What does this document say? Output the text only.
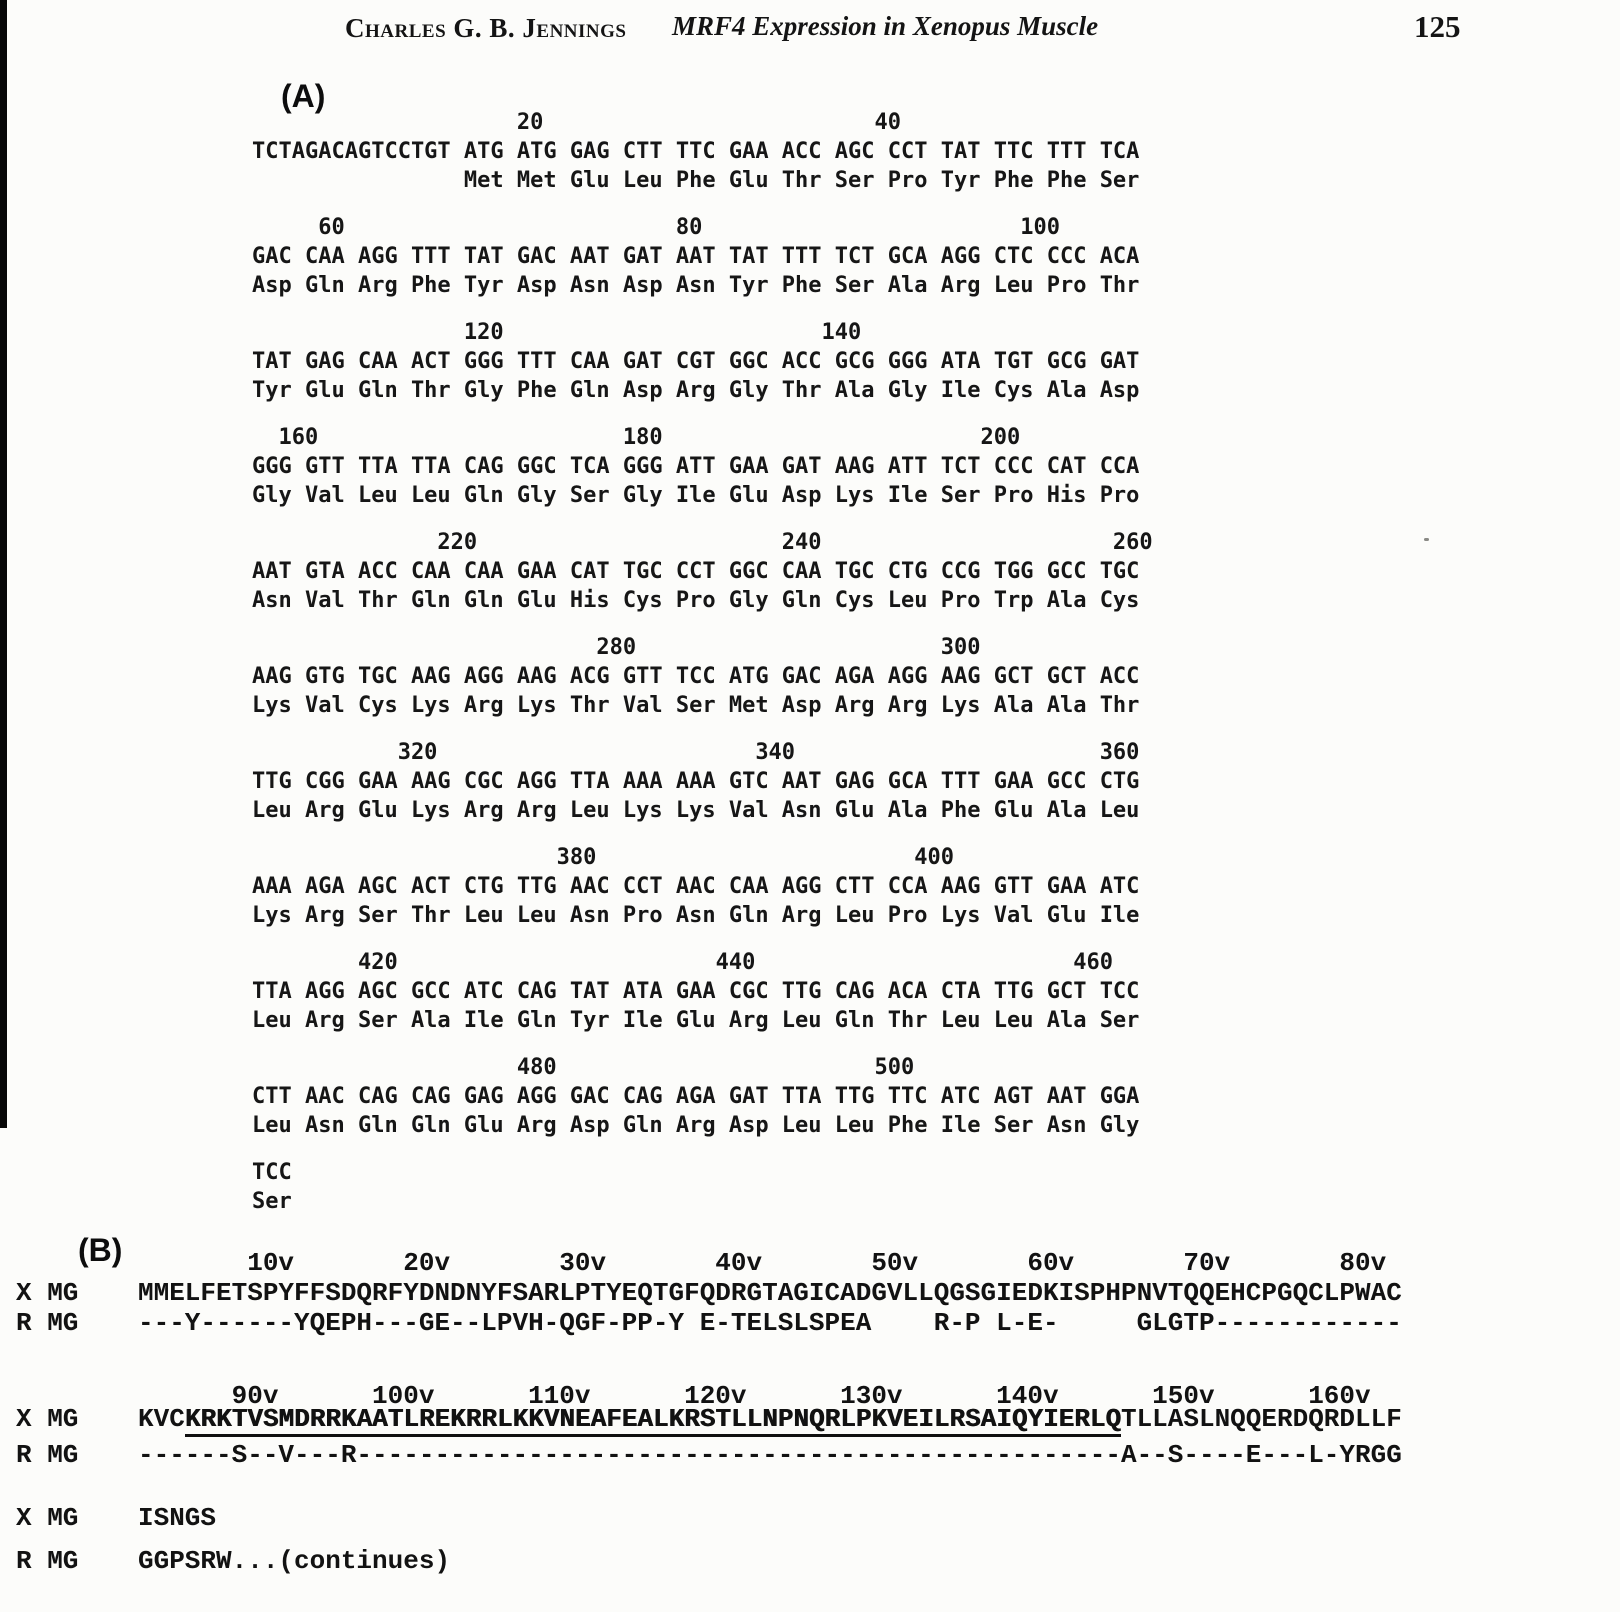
Charles G. B. Jennings MRF4 Expression in Xenopus Muscle	125
(A)
20                         40
TCTAGACAGTCCTGT ATG ATG GAG CTT TTC GAA ACC AGC CCT TAT TTC TTT TCA
Met Met Glu Leu Phe Glu Thr Ser Pro Tyr Phe Phe Ser
60                         80                        100
GAC CAA AGG TTT TAT GAC AAT GAT AAT TAT TTT TCT GCA AGG CTC CCC ACA
Asp Gln Arg Phe Tyr Asp Asn Asp Asn Tyr Phe Ser Ala Arg Leu Pro Thr
120                        140
TAT GAG CAA ACT GGG TTT CAA GAT CGT GGC ACC GCG GGG ATA TGT GCG GAT
Tyr Glu Gln Thr Gly Phe Gln Asp Arg Gly Thr Ala Gly Ile Cys Ala Asp
160                       180                        200
GGG GTT TTA TTA CAG GGC TCA GGG ATT GAA GAT AAG ATT TCT CCC CAT CCA
Gly Val Leu Leu Gln Gly Ser Gly Ile Glu Asp Lys Ile Ser Pro His Pro
220                       240                      260
AAT GTA ACC CAA CAA GAA CAT TGC CCT GGC CAA TGC CTG CCG TGG GCC TGC
Asn Val Thr Gln Gln Glu His Cys Pro Gly Gln Cys Leu Pro Trp Ala Cys
280                       300
AAG GTG TGC AAG AGG AAG ACG GTT TCC ATG GAC AGA AGG AAG GCT GCT ACC
Lys Val Cys Lys Arg Lys Thr Val Ser Met Asp Arg Arg Lys Ala Ala Thr
320                        340                       360
TTG CGG GAA AAG CGC AGG TTA AAA AAA GTC AAT GAG GCA TTT GAA GCC CTG
Leu Arg Glu Lys Arg Arg Leu Lys Lys Val Asn Glu Ala Phe Glu Ala Leu
380                        400
AAA AGA AGC ACT CTG TTG AAC CCT AAC CAA AGG CTT CCA AAG GTT GAA ATC
Lys Arg Ser Thr Leu Leu Asn Pro Asn Gln Arg Leu Pro Lys Val Glu Ile
420                        440                        460
TTA AGG AGC GCC ATC CAG TAT ATA GAA CGC TTG CAG ACA CTA TTG GCT TCC
Leu Arg Ser Ala Ile Gln Tyr Ile Glu Arg Leu Gln Thr Leu Leu Ala Ser
480                        500
CTT AAC CAG CAG GAG AGG GAC CAG AGA GAT TTA TTG TTC ATC AGT AAT GGA
Leu Asn Gln Gln Glu Arg Asp Gln Arg Asp Leu Leu Phe Ile Ser Asn Gly
TCC
Ser
(B) 10v       20v       30v       40v       50v       60v       70v       80v
X MG MMELFETSPYFFSDQRFYDNDNYFSARLPTYEQTGFQDRGTAGICADGVLLQGSGIEDKISPHPNVTQQEHCPGQCLPWAC
R MG ---Y------YQEPH---GE--LPVH-QGF-PP-Y E-TELSLSPEA    R-P L-E-     GLGTP------------
90v      100v      110v      120v      130v      140v      150v      160v
X MG KVCKRKTVSMDRRKAATLREKRRLKKVNEAFEALKRSTLLNPNQRLPKVEILRSAIQYIERLQTLLASLNQQERDQRDLLF
R MG ------S--V---R-------------------------------------------------A--S----E---L-YRGG
X MG ISNGS
R MG GGPSRW...(continues)
